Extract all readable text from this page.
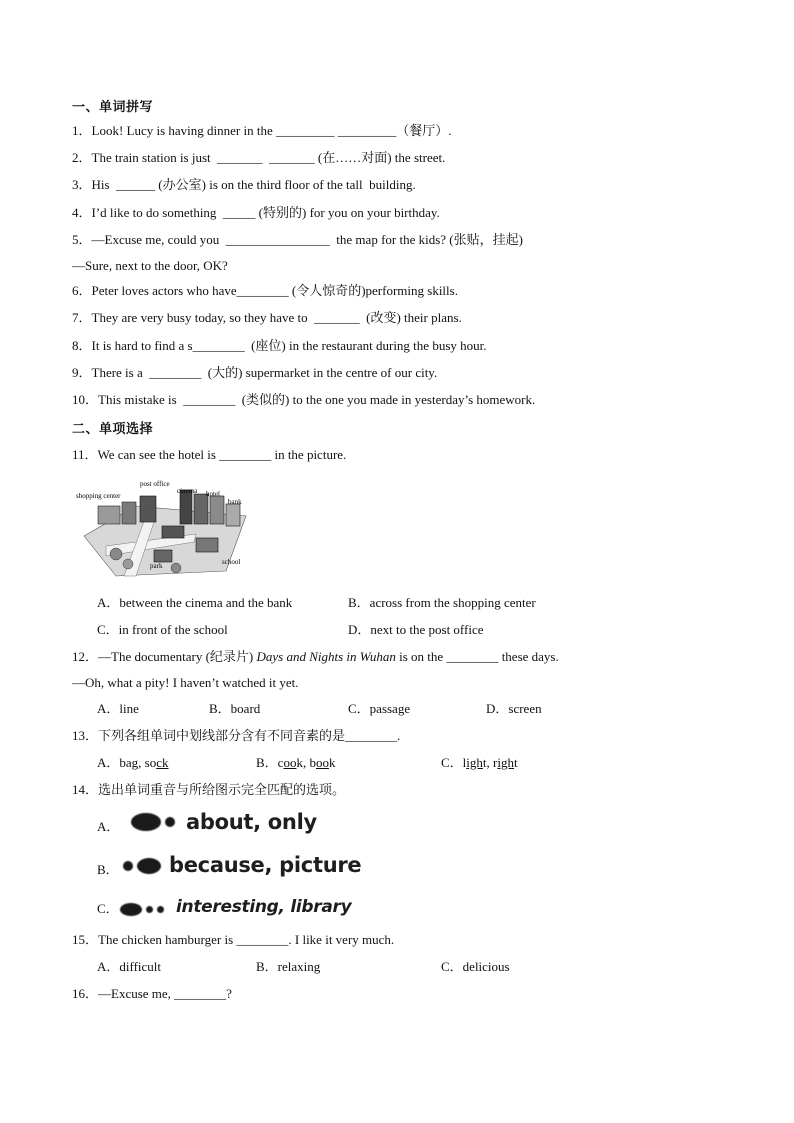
一、单词拼写
1．Look! Lucy is having dinner in the _________ _________（餐厅）.
2．The train station is just  _______  _______ (在……对面) the street.
3．His  ______ (办公室) is on the third floor of the tall  building.
4．I’d like to do something  _____ (特别的) for you on your birthday.
5．—Excuse me, could you  ________________  the map for the kids? (张贴，挂起)
—Sure, next to the door, OK?
6．Peter loves actors who have________ (令人惊奇的)performing skills.
7．They are very busy today, so they have to  _______  (改变) their plans.
8．It is hard to find a s________  (座位) in the restaurant during the busy hour.
9．There is a  ________  (大的) supermarket in the centre of our city.
10．This mistake is  ________  (类似的) to the one you made in yesterday’s homework.
二、单项选择
11．We can see the hotel is ________ in the picture.
shopping center
post office
cinema hotel
bank
park	school
A．between the cinema and the bank	B．across from the shopping center
C．in front of the school	D．next to the post office
12．—The documentary (纪录片) Days and Nights in Wuhan is on the ________ these days.
—Oh, what a pity! I haven’t watched it yet.
A．line	B．board	C．passage	D．screen
13．下列各组单词中划线部分含有不同音素的是________.
A．bag, sock	B．cook, book	C．light, right
14．选出单词重音与所给图示完全匹配的选项。
A．	about, only
B． because, picture
C．	interesting, library
15．The chicken hamburger is ________. I like it very much.
A．difficult	B．relaxing	C．delicious
16．—Excuse me, ________?
